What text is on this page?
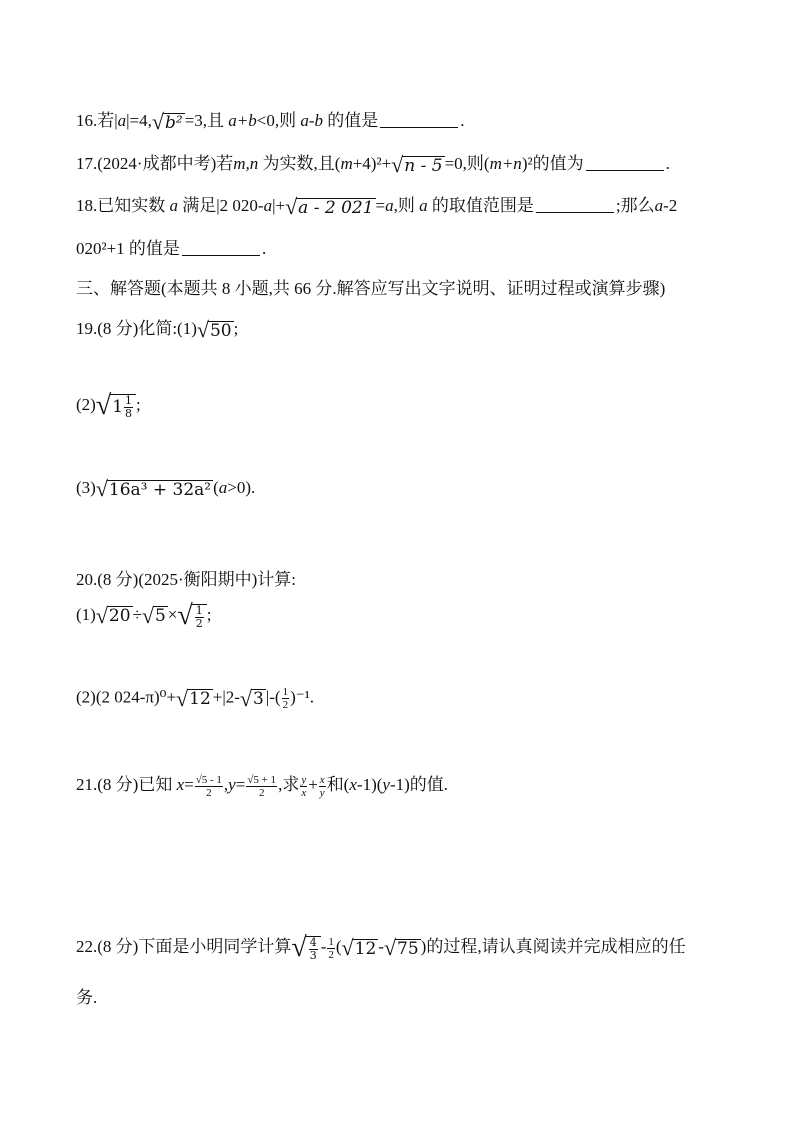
16.若|a|=4, √ b² =3,且 a+b<0,则 a-b 的值是	.
17.(2024·成都中考)若m,n 为实数,且(m+4)²+ √ n - 5 =0,则(m+n)²的值为	.
18.已知实数 a 满足|2 020-a|+ √ a - 2 021 =a,则 a 的取值范围是	;那么a-2
020²+1 的值是	.
三、解答题(本题共 8 小题,共 66 分.解答应写出文字说明、证明过程或演算步骤)
19.(8 分)化简:(1) √ 50 ;
(2) √ $1 \frac{1}{8}$ ;
(3) √ 16a³ + 32a² (a>0).
20.(8 分)(2025·衡阳期中)计算:
(1) √ 20 ÷ √ 5 × √ $\frac{1}{2}$ ;
(2)(2 024-π)⁰+ √ 12 +|2- √ 3 |-( $\frac{1}{2} )^{-1}$.
21.(8 分)已知 $x= \frac{√5 - 1}{2} ,y= \frac{√5 + 1}{2}$ ,求 $\frac{y}{x} + \frac{x}{y}$ 和(x-1)(y-1)的值.
22.(8 分)下面是小明同学计算 √ $\frac{4}{3} - \frac{1}{2}$ ( √ 12 - √ 75 )的过程,请认真阅读并完成相应的任
务.
